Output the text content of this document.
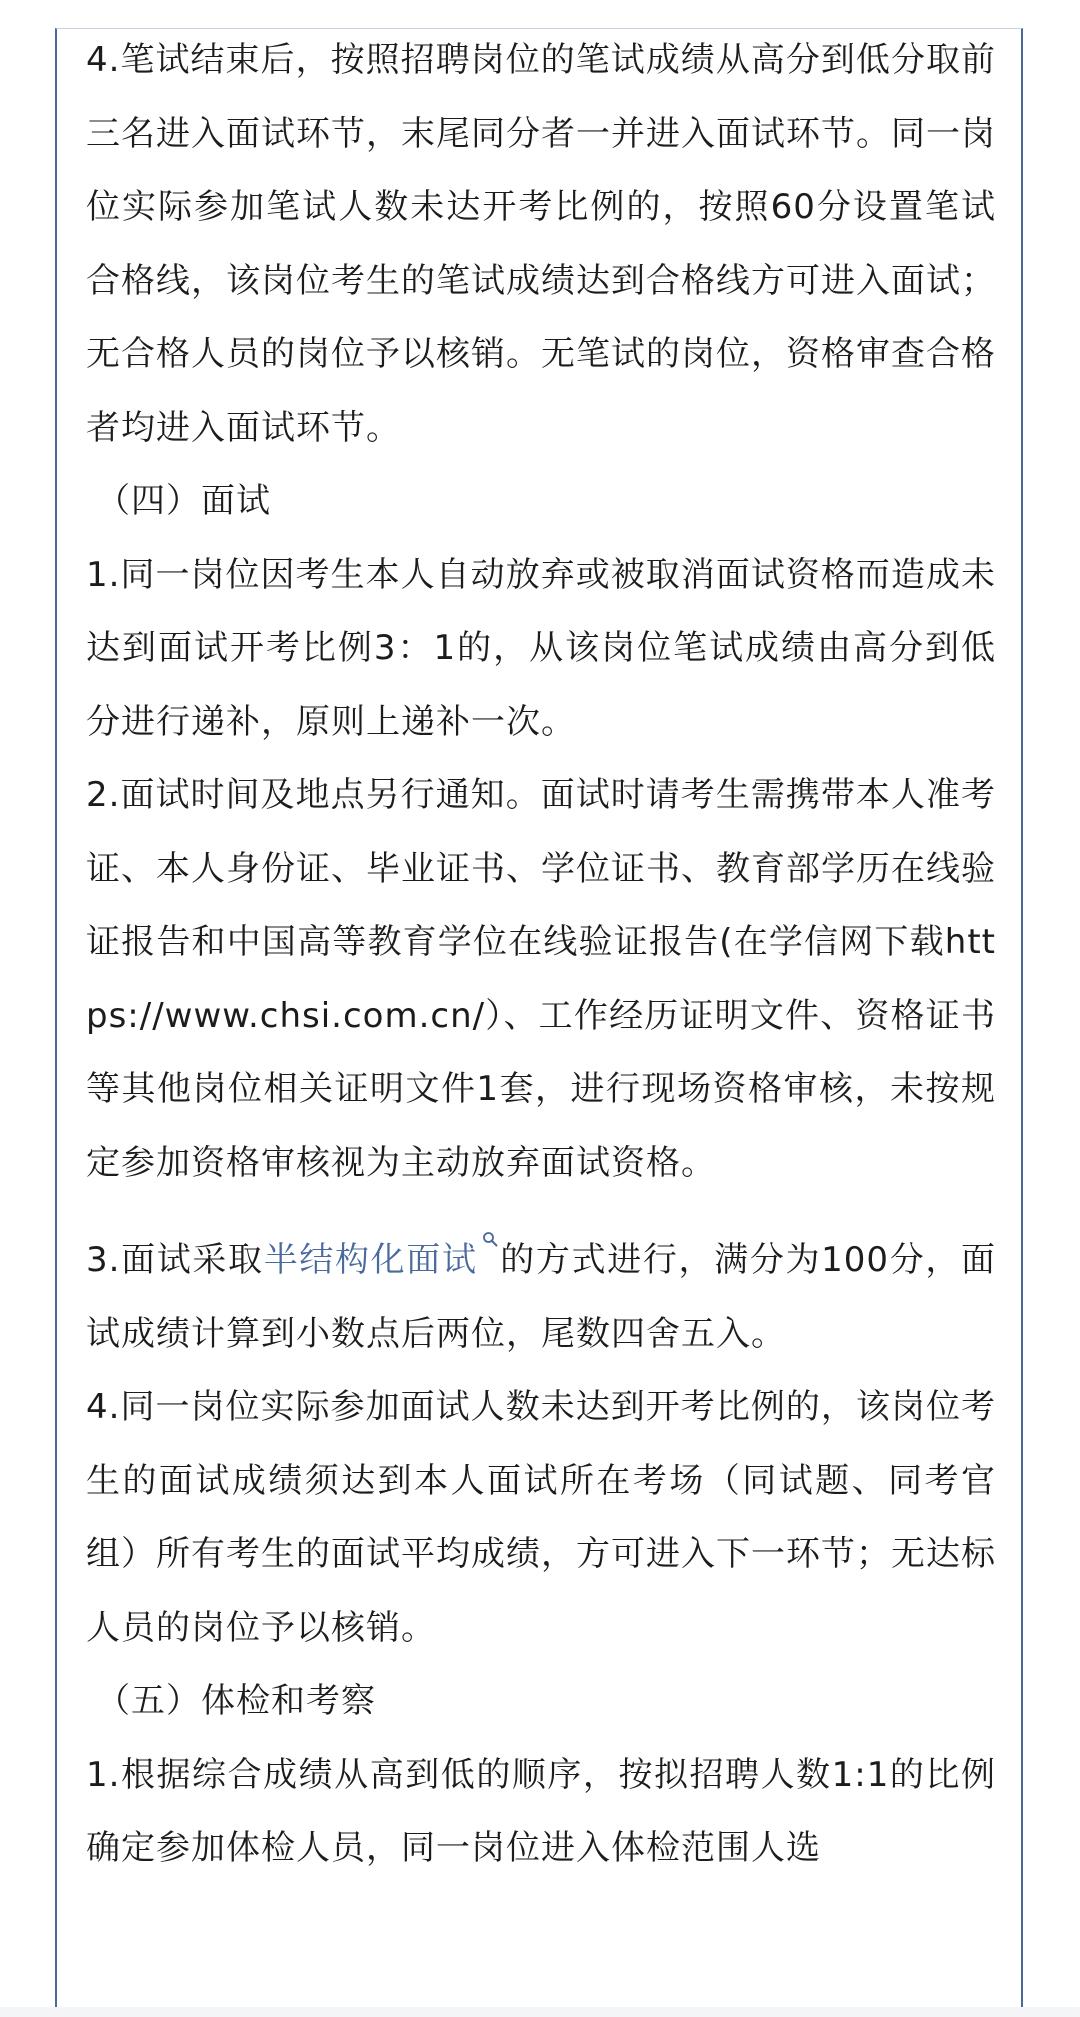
4.笔试结束后，按照招聘岗位的笔试成绩从高分到低分取前三名进入面试环节，末尾同分者一并进入面试环节。同一岗位实际参加笔试人数未达开考比例的，按照60分设置笔试合格线，该岗位考生的笔试成绩达到合格线方可进入面试；无合格人员的岗位予以核销。无笔试的岗位，资格审查合格者均进入面试环节。

（四）面试

1.同一岗位因考生本人自动放弃或被取消面试资格而造成未达到面试开考比例3：1的，从该岗位笔试成绩由高分到低分进行递补，原则上递补一次。

2.面试时间及地点另行通知。面试时请考生需携带本人准考证、本人身份证、毕业证书、学位证书、教育部学历在线验证报告和中国高等教育学位在线验证报告(在学信网下载https://www.chsi.com.cn/）、工作经历证明文件、资格证书等其他岗位相关证明文件1套，进行现场资格审核，未按规定参加资格审核视为主动放弃面试资格。

3.面试采取半结构化面试 的方式进行，满分为100分，面试成绩计算到小数点后两位，尾数四舍五入。

4.同一岗位实际参加面试人数未达到开考比例的，该岗位考生的面试成绩须达到本人面试所在考场（同试题、同考官组）所有考生的面试平均成绩，方可进入下一环节；无达标人员的岗位予以核销。

（五）体检和考察

1.根据综合成绩从高到低的顺序，按拟招聘人数1:1的比例确定参加体检人员，同一岗位进入体检范围人选
